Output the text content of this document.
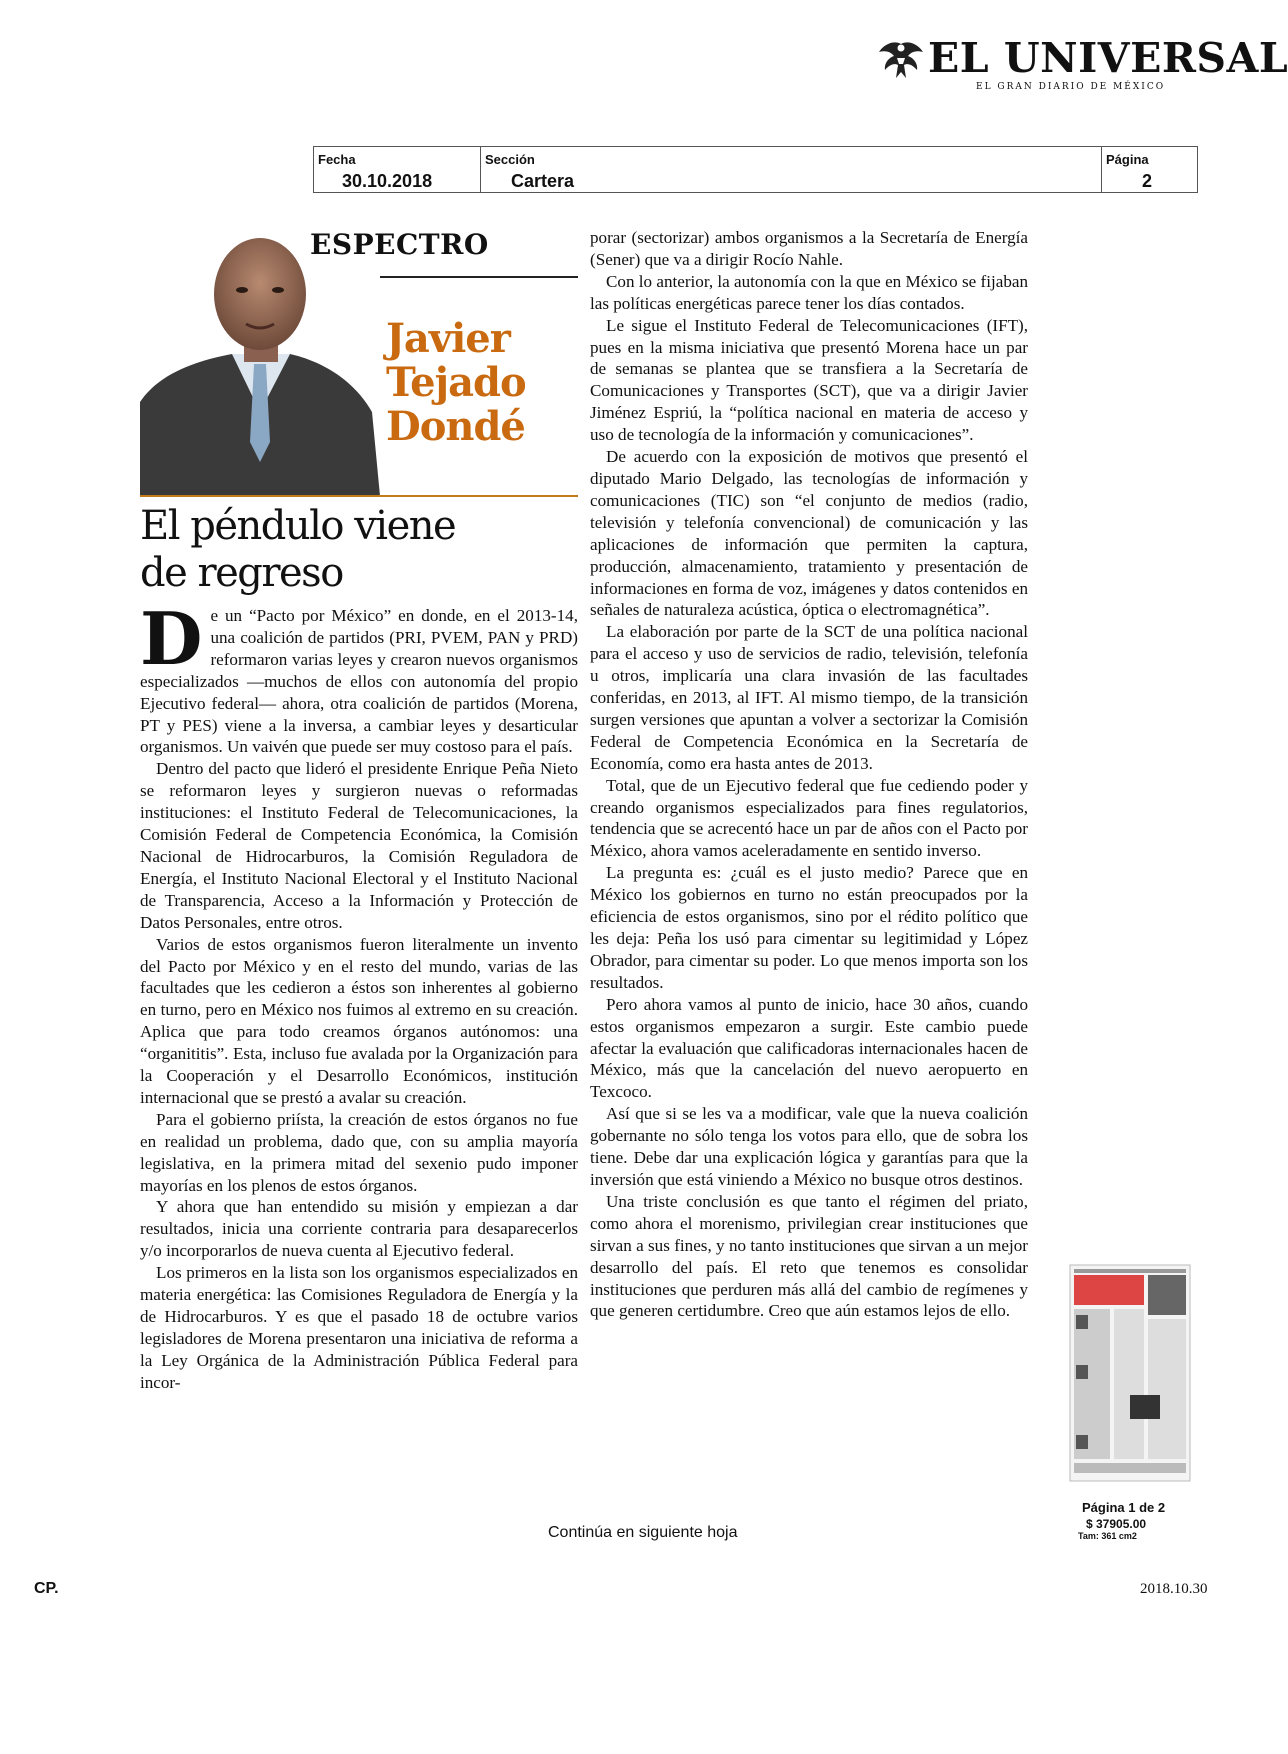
EL UNIVERSAL
EL GRAN DIARIO DE MÉXICO
Fecha
30.10.2018
Sección
Cartera
Página
2
ESPECTRO
Javier
Tejado
Dondé
El péndulo viene
de regreso

De un “Pacto por México” en donde, en el 2013-14, una coalición de partidos (PRI, PVEM, PAN y PRD) reformaron varias leyes y crearon nuevos organismos especializados —muchos de ellos con autonomía del propio Ejecutivo federal— ahora, otra coalición de partidos (Morena, PT y PES) viene a la inversa, a cambiar leyes y desarticular organismos. Un vaivén que puede ser muy costoso para el país.

Dentro del pacto que lideró el presidente Enrique Peña Nieto se reformaron leyes y surgieron nuevas o reformadas instituciones: el Instituto Federal de Telecomunicaciones, la Comisión Federal de Competencia Económica, la Comisión Nacional de Hidrocarburos, la Comisión Reguladora de Energía, el Instituto Nacional Electoral y el Instituto Nacional de Transparencia, Acceso a la Información y Protección de Datos Personales, entre otros.

Varios de estos organismos fueron literalmente un invento del Pacto por México y en el resto del mundo, varias de las facultades que les cedieron a éstos son inherentes al gobierno en turno, pero en México nos fuimos al extremo en su creación. Aplica que para todo creamos órganos autónomos: una “organititis”. Esta, incluso fue avalada por la Organización para la Cooperación y el Desarrollo Económicos, institución internacional que se prestó a avalar su creación.

Para el gobierno priísta, la creación de estos órganos no fue en realidad un problema, dado que, con su amplia mayoría legislativa, en la primera mitad del sexenio pudo imponer mayorías en los plenos de estos órganos.

Y ahora que han entendido su misión y empiezan a dar resultados, inicia una corriente contraria para desaparecerlos y/o incorporarlos de nueva cuenta al Ejecutivo federal.

Los primeros en la lista son los organismos especializados en materia energética: las Comisiones Reguladora de Energía y la de Hidrocarburos. Y es que el pasado 18 de octubre varios legisladores de Morena presentaron una iniciativa de reforma a la Ley Orgánica de la Administración Pública Federal para incor-

porar (sectorizar) ambos organismos a la Secretaría de Energía (Sener) que va a dirigir Rocío Nahle.

Con lo anterior, la autonomía con la que en México se fijaban las políticas energéticas parece tener los días contados.

Le sigue el Instituto Federal de Telecomunicaciones (IFT), pues en la misma iniciativa que presentó Morena hace un par de semanas se plantea que se transfiera a la Secretaría de Comunicaciones y Transportes (SCT), que va a dirigir Javier Jiménez Espriú, la “política nacional en materia de acceso y uso de tecnología de la información y comunicaciones”.

De acuerdo con la exposición de motivos que presentó el diputado Mario Delgado, las tecnologías de información y comunicaciones (TIC) son “el conjunto de medios (radio, televisión y telefonía convencional) de comunicación y las aplicaciones de información que permiten la captura, producción, almacenamiento, tratamiento y presentación de informaciones en forma de voz, imágenes y datos contenidos en señales de naturaleza acústica, óptica o electromagnética”.

La elaboración por parte de la SCT de una política nacional para el acceso y uso de servicios de radio, televisión, telefonía u otros, implicaría una clara invasión de las facultades conferidas, en 2013, al IFT. Al mismo tiempo, de la transición surgen versiones que apuntan a volver a sectorizar la Comisión Federal de Competencia Económica en la Secretaría de Economía, como era hasta antes de 2013.

Total, que de un Ejecutivo federal que fue cediendo poder y creando organismos especializados para fines regulatorios, tendencia que se acrecentó hace un par de años con el Pacto por México, ahora vamos aceleradamente en sentido inverso.

La pregunta es: ¿cuál es el justo medio? Parece que en México los gobiernos en turno no están preocupados por la eficiencia de estos organismos, sino por el rédito político que les deja: Peña los usó para cimentar su legitimidad y López Obrador, para cimentar su poder. Lo que menos importa son los resultados.

Pero ahora vamos al punto de inicio, hace 30 años, cuando estos organismos empezaron a surgir. Este cambio puede afectar la evaluación que calificadoras internacionales hacen de México, más que la cancelación del nuevo aeropuerto en Texcoco.

Así que si se les va a modificar, vale que la nueva coalición gobernante no sólo tenga los votos para ello, que de sobra los tiene. Debe dar una explicación lógica y garantías para que la inversión que está viniendo a México no busque otros destinos.

Una triste conclusión es que tanto el régimen del priato, como ahora el morenismo, privilegian crear instituciones que sirvan a sus fines, y no tanto instituciones que sirvan a un mejor desarrollo del país. El reto que tenemos es consolidar instituciones que perduren más allá del cambio de regímenes y que generen certidumbre. Creo que aún estamos lejos de ello.

Página 1 de 2
$ 37905.00
Tam: 361 cm2
Continúa en siguiente hoja
CP.	2018.10.30
